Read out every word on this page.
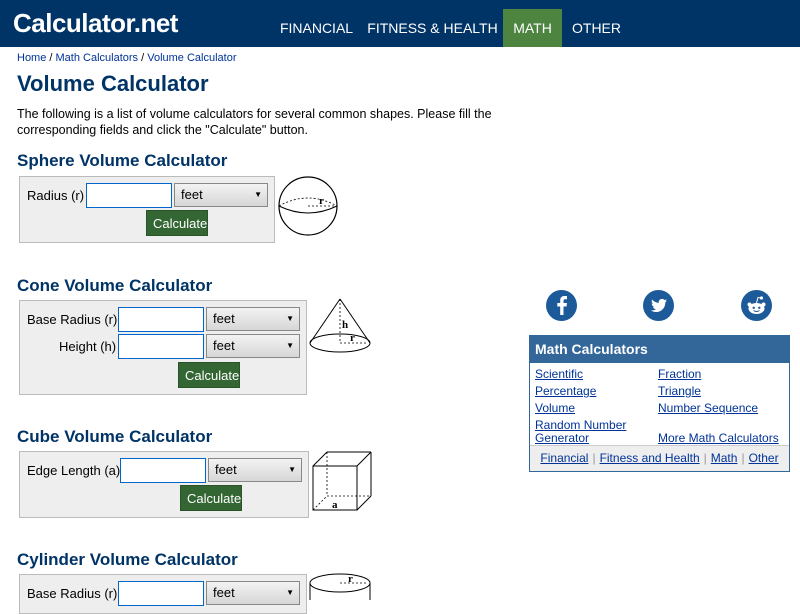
Calculator.net	FINANCIAL	FITNESS & HEALTH	MATH	OTHER
Home / Math Calculators / Volume Calculator
Volume Calculator

The following is a list of volume calculators for several common shapes. Please fill the corresponding fields and click the "Calculate" button.

Sphere Volume Calculator
Radius (r)	feet	▼
Calculate
r
Cone Volume Calculator
Base Radius (r)	feet	▼
Height (h)	feet	▼
Calculate
h
r
Cube Volume Calculator
Edge Length (a)	feet	▼
Calculate	a
Cylinder Volume Calculator
Base Radius (r)	feet	▼
r
Math Calculators
Scientific	Fraction
Percentage	Triangle
Volume	Number Sequence
Random Number
Generator	More Math Calculators
Financial | Fitness and Health | Math | Other
